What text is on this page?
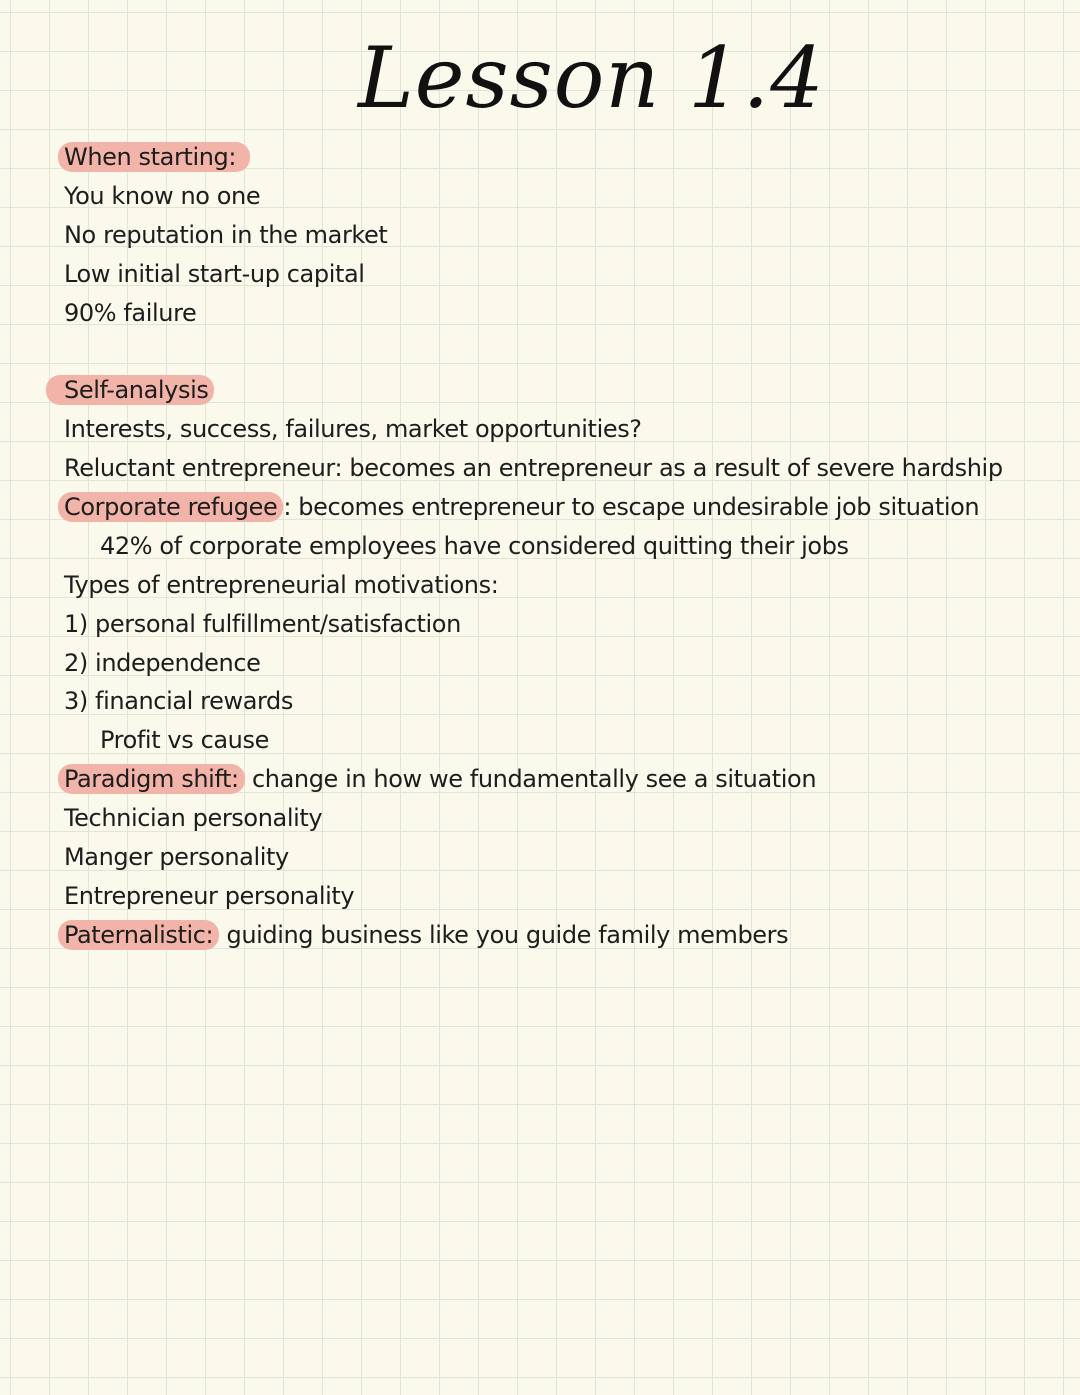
Lesson 1.4
When starting:
You know no one
No reputation in the market
Low initial start-up capital
90% failure
Self-analysis
Interests, success, failures, market opportunities?
Reluctant entrepreneur: becomes an entrepreneur as a result of severe hardship
Corporate refugee : becomes entrepreneur to escape undesirable job situation
42% of corporate employees have considered quitting their jobs
Types of entrepreneurial motivations:
1) personal fulfillment/satisfaction
2) independence
3) financial rewards
Profit vs cause
Paradigm shift: change in how we fundamentally see a situation
Technician personality
Manger personality
Entrepreneur personality
Paternalistic: guiding business like you guide family members
